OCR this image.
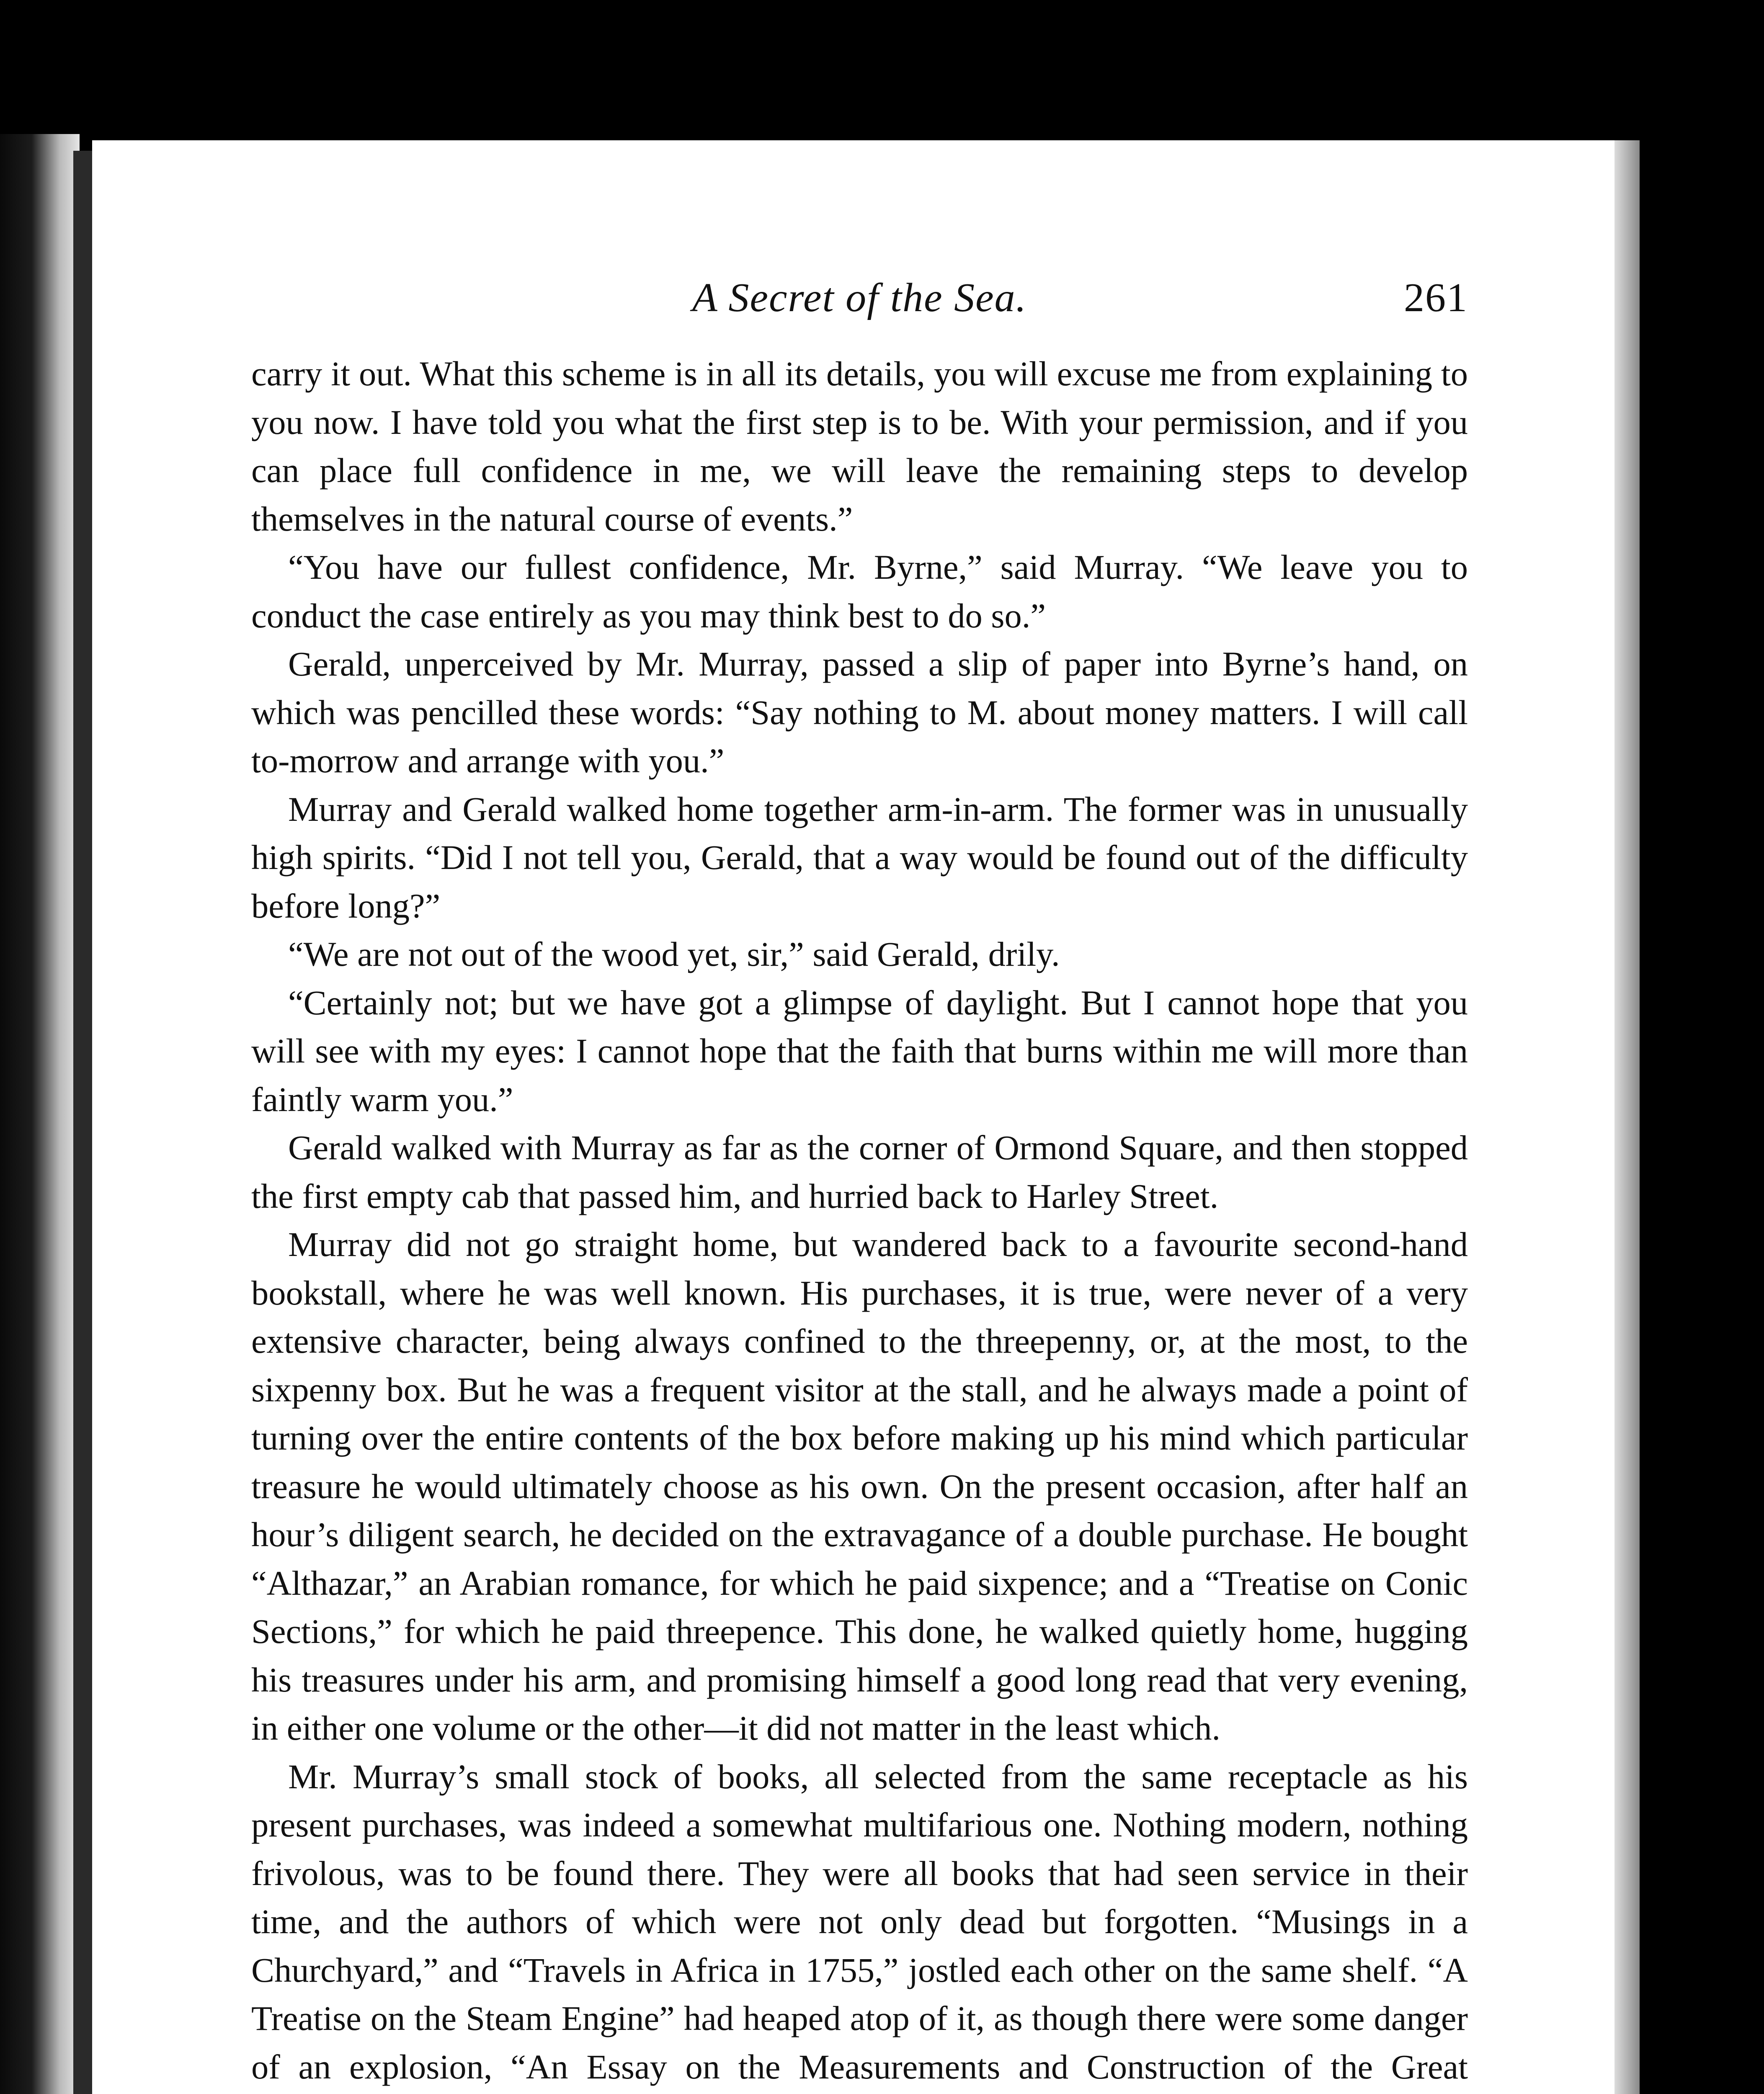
A Secret of the Sea.	261

carry it out. What this scheme is in all its details, you will excuse me from explaining to you now. I have told you what the first step is to be. With your permission, and if you can place full confidence in me, we will leave the remaining steps to develop themselves in the natural course of events.”

“You have our fullest confidence, Mr. Byrne,” said Murray. “We leave you to conduct the case entirely as you may think best to do so.”

Gerald, unperceived by Mr. Murray, passed a slip of paper into Byrne’s hand, on which was pencilled these words: “Say nothing to M. about money matters. I will call to-morrow and arrange with you.”

Murray and Gerald walked home together arm-in-arm. The former was in unusually high spirits. “Did I not tell you, Gerald, that a way would be found out of the difficulty before long?”

“We are not out of the wood yet, sir,” said Gerald, drily.

“Certainly not; but we have got a glimpse of daylight. But I cannot hope that you will see with my eyes: I cannot hope that the faith that burns within me will more than faintly warm you.”

Gerald walked with Murray as far as the corner of Ormond Square, and then stopped the first empty cab that passed him, and hurried back to Harley Street.

Murray did not go straight home, but wandered back to a favourite second-hand bookstall, where he was well known. His purchases, it is true, were never of a very extensive character, being always confined to the threepenny, or, at the most, to the sixpenny box. But he was a frequent visitor at the stall, and he always made a point of turning over the entire contents of the box before making up his mind which particular treasure he would ultimately choose as his own. On the present occasion, after half an hour’s diligent search, he decided on the extravagance of a double purchase. He bought “Althazar,” an Arabian romance, for which he paid sixpence; and a “Treatise on Conic Sections,” for which he paid threepence. This done, he walked quietly home, hugging his treasures under his arm, and promising himself a good long read that very evening, in either one volume or the other—it did not matter in the least which.

Mr. Murray’s small stock of books, all selected from the same receptacle as his present purchases, was indeed a somewhat multifarious one. Nothing modern, nothing frivolous, was to be found there. They were all books that had seen service in their time, and the authors of which were not only dead but forgotten. “Musings in a Churchyard,” and “Travels in Africa in 1755,” jostled each other on the same shelf. “A Treatise on the Steam Engine” had heaped atop of it, as though there were some danger of an explosion, “An Essay on the Measurements and Construction of the Great
